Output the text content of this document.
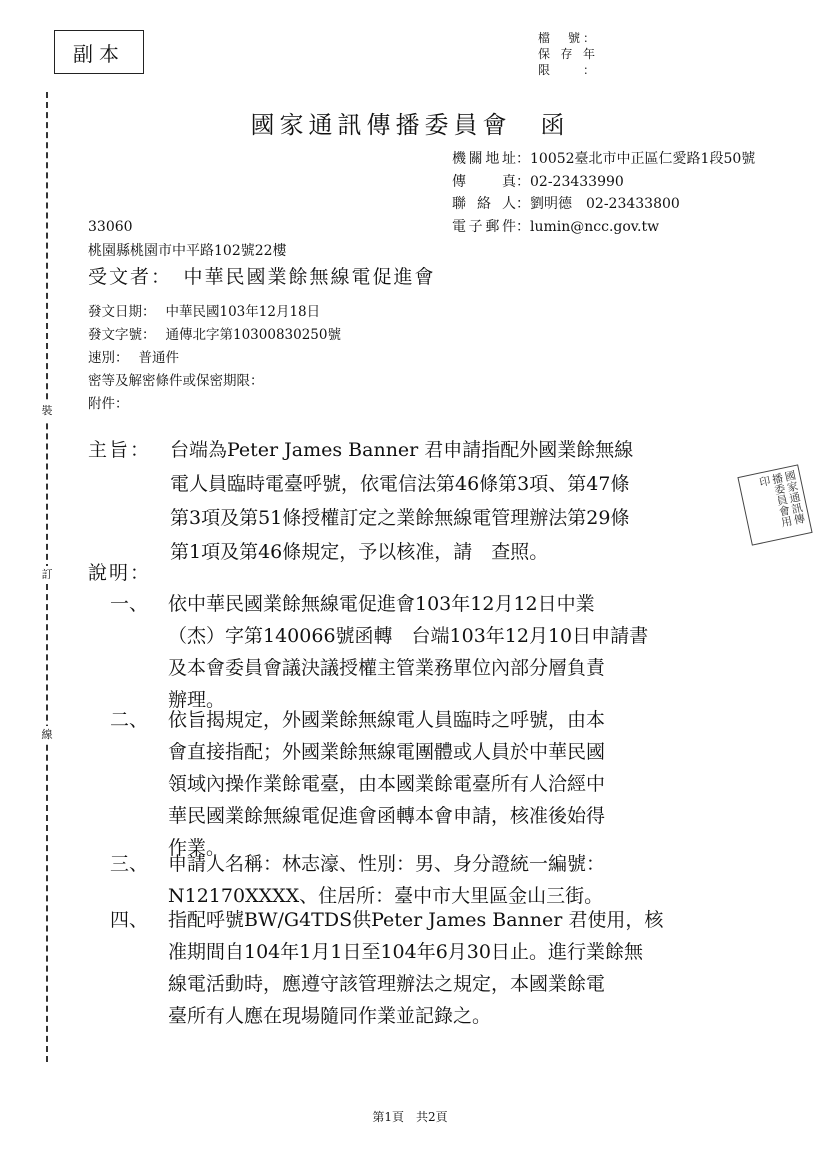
副本
檔　號：
保存年限：
裝
訂
線
國家通訊傳播委員會　函
機關地址 ： 10052臺北市中正區仁愛路1段50號
傳　真 ： 02-23433990
聯 絡 人 ： 劉明德　02-23433800
電子郵件 ： lumin@ncc.gov.tw
33060
桃園縣桃園市中平路102號22樓
受文者：　中華民國業餘無線電促進會
發文日期： 中華民國103年12月18日
發文字號： 通傳北字第10300830250號
速別： 普通件
密等及解密條件或保密期限：
附件：
國家通訊傳播委員會用印
主旨： 台端為Peter James Banner 君申請指配外國業餘無線
電人員臨時電臺呼號，依電信法第46條第3項、第47條
第3項及第51條授權訂定之業餘無線電管理辦法第29條
第1項及第46條規定，予以核准，請　查照。
說明：
一、 依中華民國業餘無線電促進會103年12月12日中業
（杰）字第140066號函轉　台端103年12月10日申請書
及本會委員會議決議授權主管業務單位內部分層負責
辦理。
二、 依旨揭規定，外國業餘無線電人員臨時之呼號，由本
會直接指配；外國業餘無線電團體或人員於中華民國
領域內操作業餘電臺，由本國業餘電臺所有人洽經中
華民國業餘無線電促進會函轉本會申請，核准後始得
作業。
三、 申請人名稱：林志濠、性別：男、身分證統一編號：
N12170XXXX、住居所：臺中市大里區金山三街。
四、 指配呼號BW/G4TDS供Peter James Banner 君使用，核
准期間自104年1月1日至104年6月30日止。進行業餘無
線電活動時，應遵守該管理辦法之規定，本國業餘電
臺所有人應在現場隨同作業並記錄之。
第1頁　共2頁
